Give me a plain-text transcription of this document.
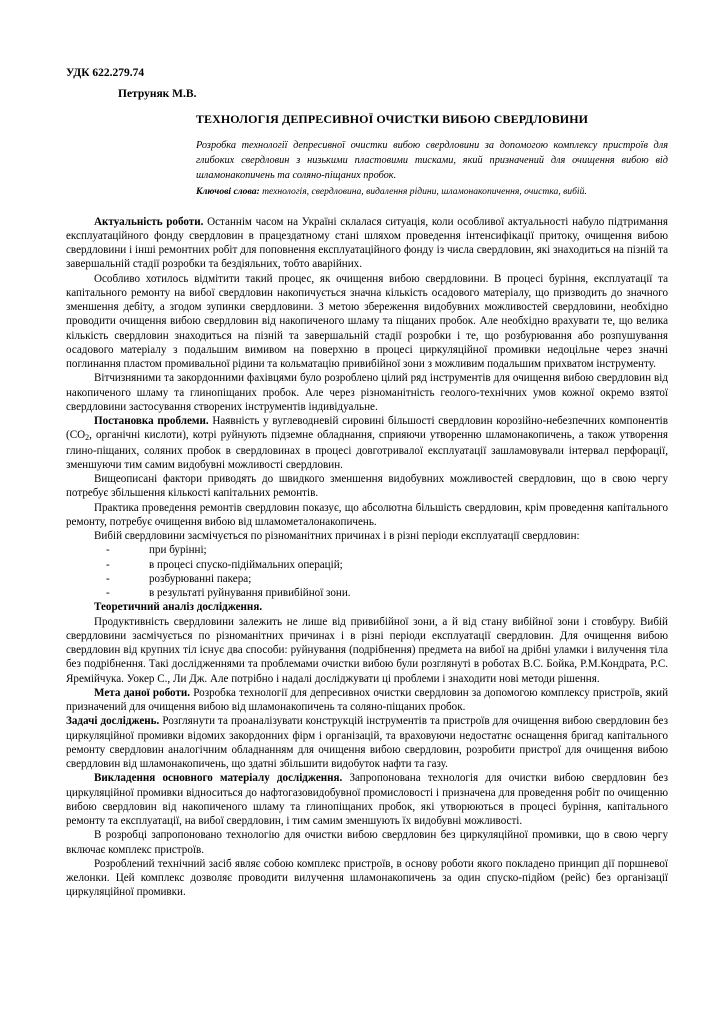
УДК 622.279.74
Петруняк М.В.
ТЕХНОЛОГІЯ ДЕПРЕСИВНОЇ ОЧИСТКИ ВИБОЮ СВЕРДЛОВИНИ
Розробка технології депресивної очистки вибою свердловини за допомогою комплексу пристроїв для глибоких свердловин з низькими пластовими тисками, який призначений для очищення вибою від шламонакопичень та соляно-піщаних пробок.
Ключові слова: технологія, свердловина, видалення рідини, шламонакопичення, очистка, вибій.

Актуальність роботи. Останнім часом на Україні склалася ситуація, коли особливої актуальності набуло підтримання експлуатаційного фонду свердловин в працездатному стані шляхом проведення інтенсифікації притоку, очищення вибою свердловини і інші ремонтних робіт для поповнення експлуатаційного фонду із числа свердловин, які знаходиться на пізній та завершальній стадії розробки та бездіяльних, тобто аварійних.

Особливо хотилось відмітити такий процес, як очищення вибою свердловини. В процесі буріння, експлуатації та капітального ремонту на вибої свердловин накопичується значна кількість осадового матеріалу, що призводить до значного зменшення дебіту, а згодом зупинки свердловини. З метою збереження видобувних можливостей свердловини, необхідно проводити очищення вибою свердловин від накопиченого шламу та піщаних пробок. Але необхідно врахувати те, що велика кількість свердловин знаходиться на пізній та завершальній стадії розробки і те, що розбурювання або розпушування осадового матеріалу з подальшим вимивом на поверхню в процесі циркуляційної промивки недоцільне через значні поглинання пластом промивальної рідини та кольматацію привибійної зони з можливим подальшим прихватом інструменту.

Вітчизняними та закордонними фахівцями було розроблено цілий ряд інструментів для очищення вибою свердловин від накопиченого шламу та глинопіщаних пробок. Але через різноманітність геолого-технічних умов кожної окремо взятої свердловини застосування створених інструментів індивідуальне.

Постановка проблеми. Наявність у вуглеводневій сировині більшості свердловин корозійно-небезпечних компонентів ($CO_2$, органічні кислоти), котрі руйнують підземне обладнання, сприяючи утворенню шламонакопичень, а також утворення глино-піщаних, соляних пробок в свердловинах в процесі довготривалої експлуатації зашламовували інтервал перфорації, зменшуючи тим самим видобувні можливості свердловин.

Вищеописані фактори приводять до швидкого зменшення видобувних можливостей свердловин, що в свою чергу потребує збільшення кількості капітальних ремонтів.

Практика проведення ремонтів свердловин показує, що абсолютна більшість свердловин, крім проведення капітального ремонту, потребує очищення вибою від шламометалонакопичень.

Вибій свердловини засмічується по різноманітних причинах і в різні періоди експлуатації свердловин:

-	при бурінні;
-	в процесі спуско-підіймальних операцій;
-	розбурюванні пакера;
-	в результаті руйнування привибійної зони.

Теоретичний аналіз дослідження.

Продуктивність свердловини залежить не лише від привибійної зони, а й від стану вибійної зони і стовбуру. Вибій свердловини засмічується по різноманітних причинах і в різні періоди експлуатації свердловин. Для очищення вибою свердловин від крупних тіл існує два способи: руйнування (подрібнення) предмета на вибої на дрібні уламки і вилучення тіла без подрібнення. Такі дослідженнями та проблемами очистки вибою були розглянуті в роботах В.С. Бойка, Р.М.Кондрата, Р.С. Яремійчука. Уокер С., Ли Дж. Але потрібно і надалі досліджувати ці проблеми і знаходити нові методи рішення.

Мета даної роботи. Розробка технології для депресивнох очистки свердловин за допомогою комплексу пристроїв, який призначений для очищення вибою від шламонакопичень та соляно-піщаних пробок.

Задачі досліджень. Розглянути та проаналізувати конструкцій інструментів та пристроїв для очищення вибою свердловин без циркуляційної промивки відомих закордонних фірм і організацій, та враховуючи недостатнє оснащення бригад капітального ремонту свердловин аналогічним обладнанням для очищення вибою свердловин, розробити пристрої для очищення вибою свердловин від шламонакопичень, що здатні збільшити видобуток нафти та газу.

Викладення основного матеріалу дослідження. Запропонована технологія для очистки вибою свердловин без циркуляційної промивки відноситься до нафтогазовидобувної промисловості і призначена для проведення робіт по очищенню вибою свердловин від накопиченого шламу та глинопіщаних пробок, які утворюються в процесі буріння, капітального ремонту та експлуатації, на вибої свердловин, і тим самим зменшують їх видобувні можливості.

В розробці запропоновано технологію для очистки вибою свердловин без циркуляційної промивки, що в свою чергу включає комплекс пристроїв.

Розроблений технічний засіб являє собою комплекс пристроїв, в основу роботи якого покладено принцип дії поршневої желонки. Цей комплекс дозволяє проводити вилучення шламонакопичень за один спуско-підйом (рейс) без організації циркуляційної промивки.
